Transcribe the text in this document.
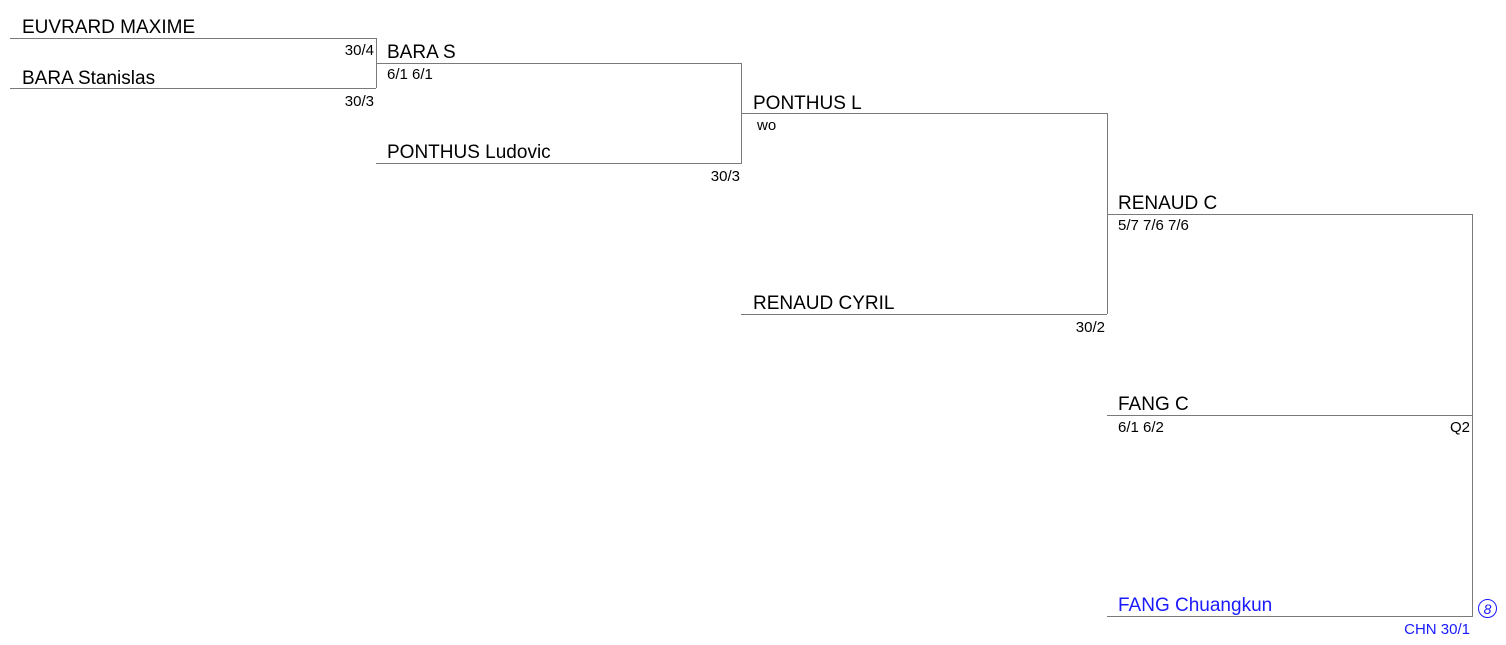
EUVRARD MAXIME
30/4
BARA Stanislas
30/3
BARA S
6/1 6/1
PONTHUS Ludovic
30/3
PONTHUS L
wo
RENAUD CYRIL
30/2
RENAUD C
5/7 7/6 7/6
FANG C
6/1 6/2	Q2
FANG Chuangkun
CHN 30/1
8
